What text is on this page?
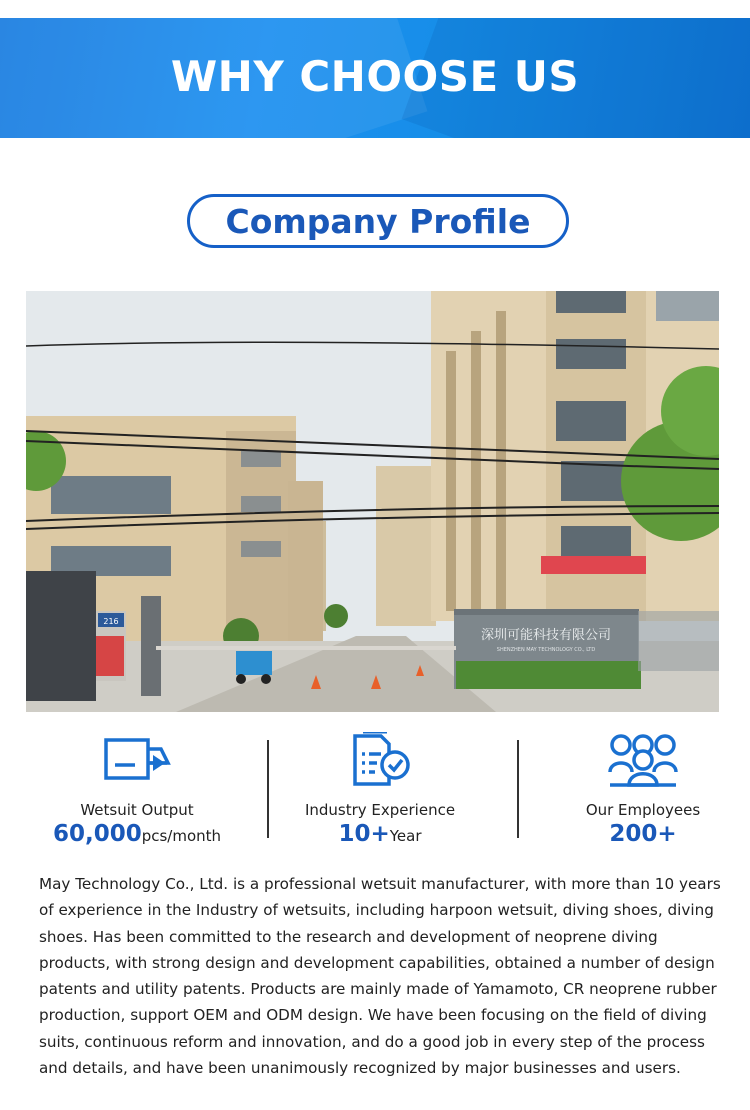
WHY CHOOSE US
Company Profile
深圳可能科技有限公司
SHENZHEN MAY TECHNOLOGY CO., LTD
216
Wetsuit Output
60,000pcs/month
Industry Experience
10+Year
Our Employees
200+
May Technology Co., Ltd. is a professional wetsuit manufacturer, with more than 10 years of experience in the Industry of wetsuits, including harpoon wetsuit, diving shoes, diving shoes. Has been committed to the research and development of neoprene diving products, with strong design and development capabilities, obtained a number of design patents and utility patents. Products are mainly made of Yamamoto, CR neoprene rubber production, support OEM and ODM design. We have been focusing on the field of diving suits, continuous reform and innovation, and do a good job in every step of the process and details, and have been unanimously recognized by major businesses and users.
